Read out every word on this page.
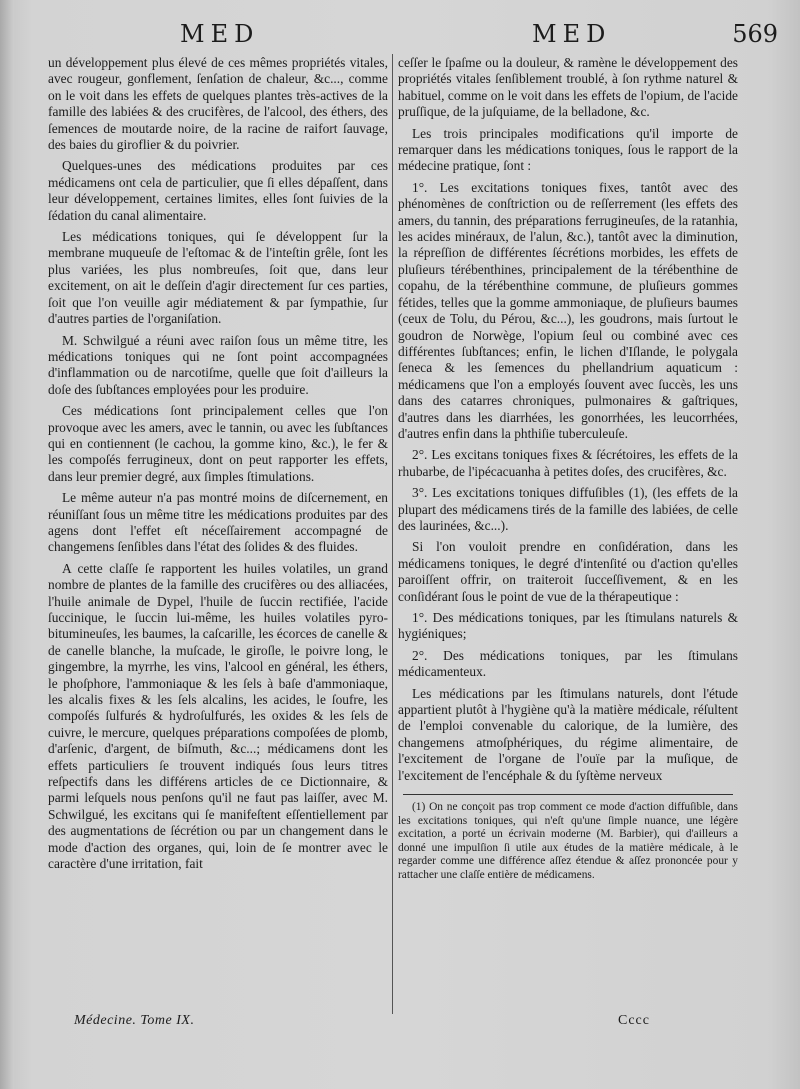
MED	MED	569

un développement plus élevé de ces mêmes propriétés vitales, avec rougeur, gonflement, ſenſation de chaleur, &c..., comme on le voit dans les effets de quelques plantes très-actives de la famille des labiées & des crucifères, de l'alcool, des éthers, des ſemences de moutarde noire, de la racine de raifort ſauvage, des baies du giroflier & du poivrier.

Quelques-unes des médications produites par ces médicamens ont cela de particulier, que ſi elles dépaſſent, dans leur développement, certaines limites, elles ſont ſuivies de la ſédation du canal alimentaire.

Les médications toniques, qui ſe développent ſur la membrane muqueuſe de l'eſtomac & de l'inteſtin grêle, ſont les plus variées, les plus nombreuſes, ſoit que, dans leur excitement, on ait le deſſein d'agir directement ſur ces parties, ſoit que l'on veuille agir médiatement & par ſympathie, ſur d'autres parties de l'organiſation.

M. Schwilgué a réuni avec raiſon ſous un même titre, les médications toniques qui ne ſont point accompagnées d'inflammation ou de narcotiſme, quelle que ſoit d'ailleurs la doſe des ſubſtances employées pour les produire.

Ces médications ſont principalement celles que l'on provoque avec les amers, avec le tannin, ou avec les ſubſtances qui en contiennent (le cachou, la gomme kino, &c.), le fer & les compoſés ferrugineux, dont on peut rapporter les effets, dans leur premier degré, aux ſimples ſtimulations.

Le même auteur n'a pas montré moins de diſcernement, en réuniſſant ſous un même titre les médications produites par des agens dont l'effet eſt néceſſairement accompagné de changemens ſenſibles dans l'état des ſolides & des fluides.

A cette claſſe ſe rapportent les huiles volatiles, un grand nombre de plantes de la famille des crucifères ou des alliacées, l'huile animale de Dypel, l'huile de ſuccin rectifiée, l'acide ſuccinique, le ſuccin lui-même, les huiles volatiles pyro-bitumineuſes, les baumes, la caſcarille, les écorces de canelle & de canelle blanche, la muſcade, le giroſle, le poivre long, le gingembre, la myrrhe, les vins, l'alcool en général, les éthers, le phoſphore, l'ammoniaque & les ſels à baſe d'ammoniaque, les alcalis fixes & les ſels alcalins, les acides, le ſoufre, les compoſés ſulfurés & hydroſulfurés, les oxides & les ſels de cuivre, le mercure, quelques préparations compoſées de plomb, d'arſenic, d'argent, de biſmuth, &c...; médicamens dont les effets particuliers ſe trouvent indiqués ſous leurs titres reſpectifs dans les différens articles de ce Dictionnaire, & parmi leſquels nous penſons qu'il ne faut pas laiſſer, avec M. Schwilgué, les excitans qui ſe manifeſtent eſſentiellement par des augmentations de ſécrétion ou par un changement dans le mode d'action des organes, qui, loin de ſe montrer avec le caractère d'une irritation, fait

ceſſer le ſpaſme ou la douleur, & ramène le développement des propriétés vitales ſenſiblement troublé, à ſon rythme naturel & habituel, comme on le voit dans les effets de l'opium, de l'acide pruſſique, de la juſquiame, de la belladone, &c.

Les trois principales modifications qu'il importe de remarquer dans les médications toniques, ſous le rapport de la médecine pratique, ſont :

1°. Les excitations toniques fixes, tantôt avec des phénomènes de conſtriction ou de reſſerrement (les effets des amers, du tannin, des préparations ferrugineuſes, de la ratanhia, les acides minéraux, de l'alun, &c.), tantôt avec la diminution, la répreſſion de différentes ſécrétions morbides, les effets de pluſieurs térébenthines, principalement de la térébenthine de copahu, de la térébenthine commune, de pluſieurs gommes fétides, telles que la gomme ammoniaque, de pluſieurs baumes (ceux de Tolu, du Pérou, &c...), les goudrons, mais ſurtout le goudron de Norwège, l'opium ſeul ou combiné avec ces différentes ſubſtances; enfin, le lichen d'Iſlande, le polygala ſeneca & les ſemences du phellandrium aquaticum : médicamens que l'on a employés ſouvent avec ſuccès, les uns dans des catarres chroniques, pulmonaires & gaſtriques, d'autres dans les diarrhées, les gonorrhées, les leucorrhées, d'autres enfin dans la phthiſie tuberculeuſe.

2°. Les excitans toniques fixes & ſécrétoires, les effets de la rhubarbe, de l'ipécacuanha à petites doſes, des crucifères, &c.

3°. Les excitations toniques diffuſibles (1), (les effets de la plupart des médicamens tirés de la famille des labiées, de celle des laurinées, &c...).

Si l'on vouloit prendre en conſidération, dans les médicamens toniques, le degré d'intenſité ou d'action qu'elles paroiſſent offrir, on traiteroit ſucceſſivement, & en les conſidérant ſous le point de vue de la thérapeutique :

1°. Des médications toniques, par les ſtimulans naturels & hygiéniques;

2°. Des médications toniques, par les ſtimulans médicamenteux.

Les médications par les ſtimulans naturels, dont l'étude appartient plutôt à l'hygiène qu'à la matière médicale, réſultent de l'emploi convenable du calorique, de la lumière, des changemens atmoſphériques, du régime alimentaire, de l'excitement de l'organe de l'ouïe par la muſique, de l'excitement de l'encéphale & du ſyſtème nerveux

(1) On ne conçoit pas trop comment ce mode d'action diffuſible, dans les excitations toniques, qui n'eſt qu'une ſimple nuance, une légère excitation, a porté un écrivain moderne (M. Barbier), qui d'ailleurs a donné une impulſion ſi utile aux études de la matière médicale, à le regarder comme une différence aſſez étendue & aſſez prononcée pour y rattacher une claſſe entière de médicamens.

Médecine. Tome IX.	Cccc
